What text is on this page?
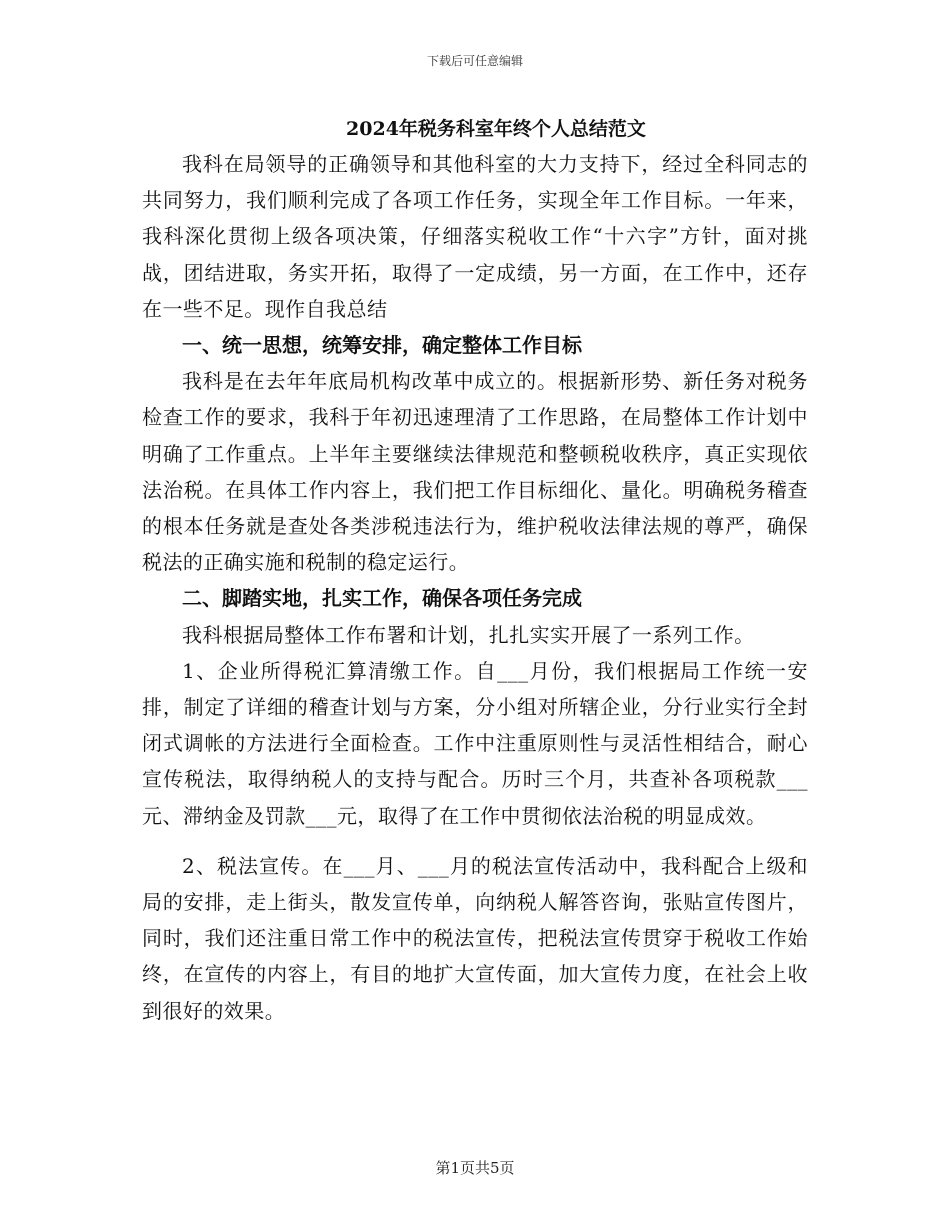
下载后可任意编辑
2024年税务科室年终个人总结范文

我科在局领导的正确领导和其他科室的大力支持下，经过全科同志的共同努力，我们顺利完成了各项工作任务，实现全年工作目标。一年来，我科深化贯彻上级各项决策，仔细落实税收工作“十六字”方针，面对挑战，团结进取，务实开拓，取得了一定成绩，另一方面，在工作中，还存在一些不足。现作自我总结

一、统一思想，统筹安排，确定整体工作目标

我科是在去年年底局机构改革中成立的。根据新形势、新任务对税务检查工作的要求，我科于年初迅速理清了工作思路，在局整体工作计划中明确了工作重点。上半年主要继续法律规范和整顿税收秩序，真正实现依法治税。在具体工作内容上，我们把工作目标细化、量化。明确税务稽查的根本任务就是查处各类涉税违法行为，维护税收法律法规的尊严，确保税法的正确实施和税制的稳定运行。

二、脚踏实地，扎实工作，确保各项任务完成

我科根据局整体工作布署和计划，扎扎实实开展了一系列工作。

1、企业所得税汇算清缴工作。自___月份，我们根据局工作统一安排，制定了详细的稽查计划与方案，分小组对所辖企业，分行业实行全封闭式调帐的方法进行全面检查。工作中注重原则性与灵活性相结合，耐心宣传税法，取得纳税人的支持与配合。历时三个月，共查补各项税款___元、滞纳金及罚款___元，取得了在工作中贯彻依法治税的明显成效。

2、税法宣传。在___月、___月的税法宣传活动中，我科配合上级和局的安排，走上街头，散发宣传单，向纳税人解答咨询，张贴宣传图片，同时，我们还注重日常工作中的税法宣传，把税法宣传贯穿于税收工作始终，在宣传的内容上，有目的地扩大宣传面，加大宣传力度，在社会上收到很好的效果。

第1页共5页
